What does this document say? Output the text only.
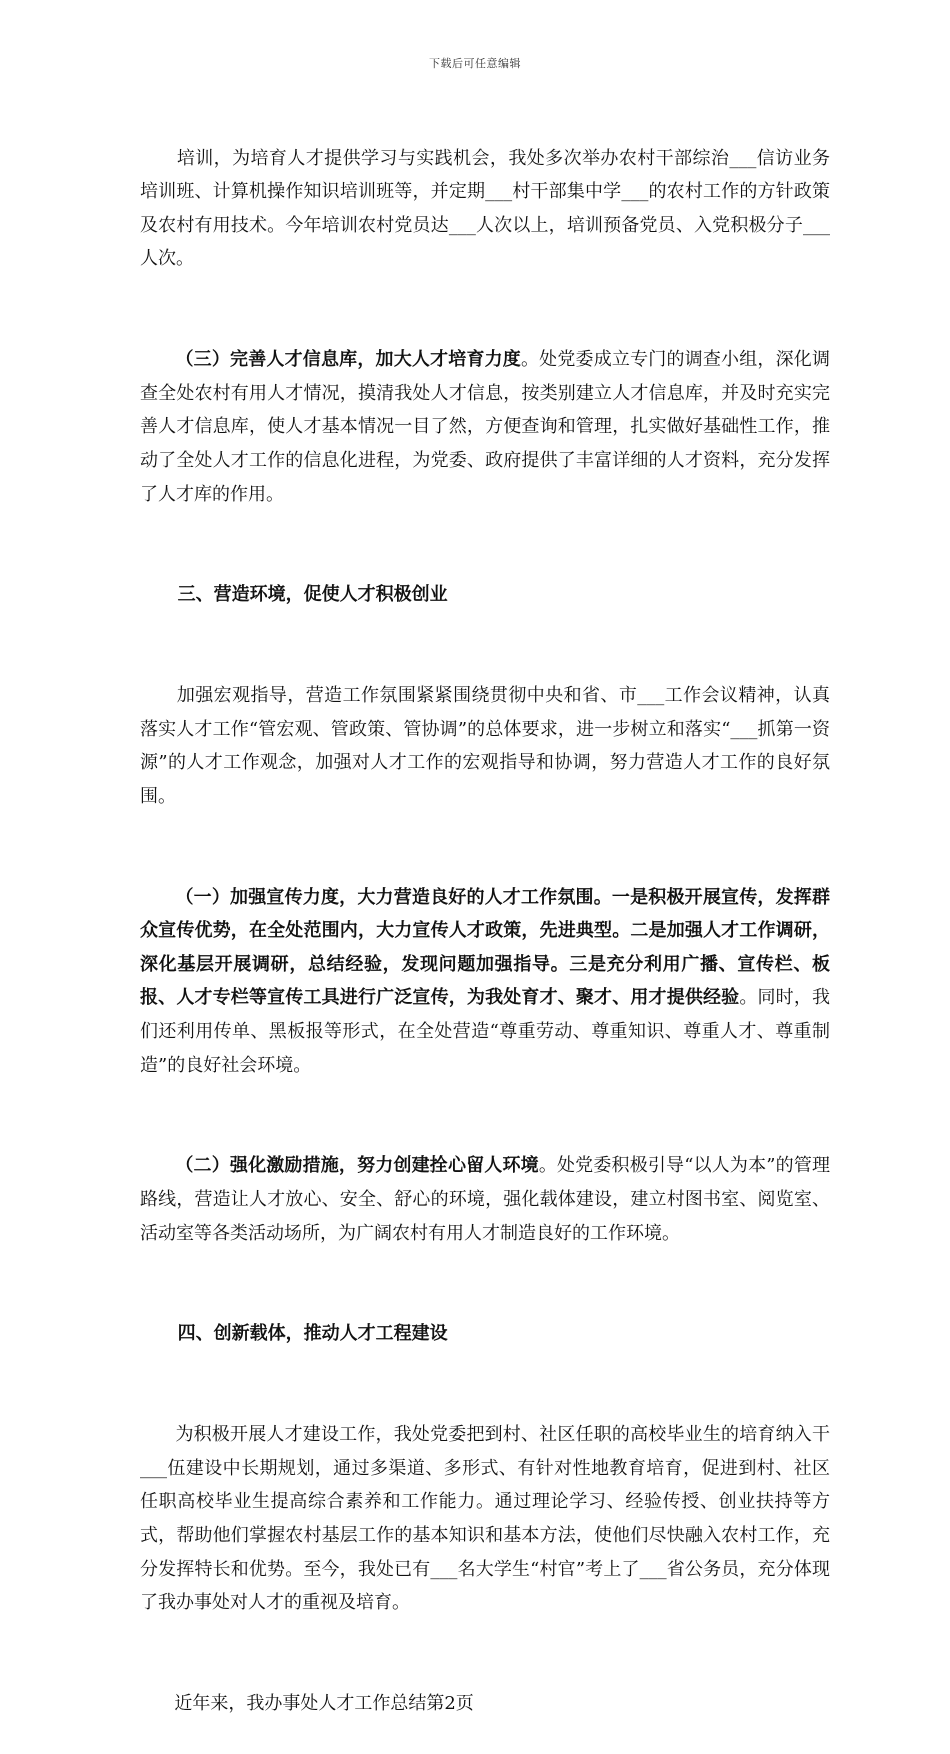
下载后可任意编辑

培训，为培育人才提供学习与实践机会，我处多次举办农村干部综治___信访业务培训班、计算机操作知识培训班等，并定期___村干部集中学___的农村工作的方针政策及农村有用技术。今年培训农村党员达___人次以上，培训预备党员、入党积极分子___人次。

（三）完善人才信息库，加大人才培育力度。处党委成立专门的调查小组，深化调查全处农村有用人才情况，摸清我处人才信息，按类别建立人才信息库，并及时充实完善人才信息库，使人才基本情况一目了然，方便查询和管理，扎实做好基础性工作，推动了全处人才工作的信息化进程，为党委、政府提供了丰富详细的人才资料，充分发挥了人才库的作用。

三、营造环境，促使人才积极创业

加强宏观指导，营造工作氛围紧紧围绕贯彻中央和省、市___工作会议精神，认真落实人才工作“管宏观、管政策、管协调”的总体要求，进一步树立和落实“___抓第一资源”的人才工作观念，加强对人才工作的宏观指导和协调，努力营造人才工作的良好氛围。

（一）加强宣传力度，大力营造良好的人才工作氛围。一是积极开展宣传，发挥群众宣传优势，在全处范围内，大力宣传人才政策，先进典型。二是加强人才工作调研，深化基层开展调研，总结经验，发现问题加强指导。三是充分利用广播、宣传栏、板报、人才专栏等宣传工具进行广泛宣传，为我处育才、聚才、用才提供经验。同时，我们还利用传单、黑板报等形式，在全处营造“尊重劳动、尊重知识、尊重人才、尊重制造”的良好社会环境。

（二）强化激励措施，努力创建拴心留人环境。处党委积极引导“以人为本”的管理路线，营造让人才放心、安全、舒心的环境，强化载体建设，建立村图书室、阅览室、活动室等各类活动场所，为广阔农村有用人才制造良好的工作环境。

四、创新载体，推动人才工程建设

为积极开展人才建设工作，我处党委把到村、社区任职的高校毕业生的培育纳入干___伍建设中长期规划，通过多渠道、多形式、有针对性地教育培育，促进到村、社区任职高校毕业生提高综合素养和工作能力。通过理论学习、经验传授、创业扶持等方式，帮助他们掌握农村基层工作的基本知识和基本方法，使他们尽快融入农村工作，充分发挥特长和优势。至今，我处已有___名大学生“村官”考上了___省公务员，充分体现了我办事处对人才的重视及培育。

近年来，我办事处人才工作总结第2页
